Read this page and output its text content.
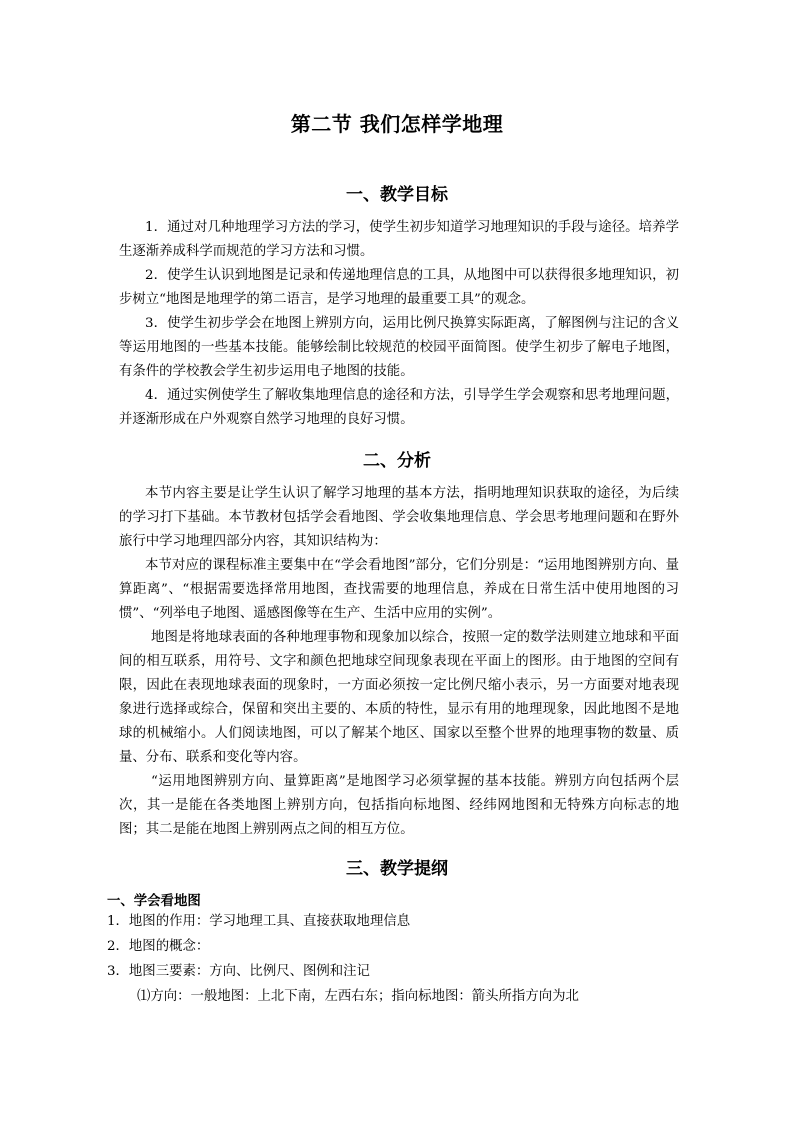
第二节 我们怎样学地理
一、教学目标

1．通过对几种地理学习方法的学习，使学生初步知道学习地理知识的手段与途径。培养学生逐渐养成科学而规范的学习方法和习惯。

2．使学生认识到地图是记录和传递地理信息的工具，从地图中可以获得很多地理知识，初步树立“地图是地理学的第二语言，是学习地理的最重要工具”的观念。

3．使学生初步学会在地图上辨别方向，运用比例尺换算实际距离，了解图例与注记的含义等运用地图的一些基本技能。能够绘制比较规范的校园平面简图。使学生初步了解电子地图，有条件的学校教会学生初步运用电子地图的技能。

4．通过实例使学生了解收集地理信息的途径和方法，引导学生学会观察和思考地理问题，并逐渐形成在户外观察自然学习地理的良好习惯。

二、分析

本节内容主要是让学生认识了解学习地理的基本方法，指明地理知识获取的途径，为后续的学习打下基础。本节教材包括学会看地图、学会收集地理信息、学会思考地理问题和在野外旅行中学习地理四部分内容，其知识结构为：

本节对应的课程标准主要集中在“学会看地图”部分，它们分别是：“运用地图辨别方向、量算距离”、“根据需要选择常用地图，查找需要的地理信息，养成在日常生活中使用地图的习惯”、“列举电子地图、遥感图像等在生产、生活中应用的实例”。

地图是将地球表面的各种地理事物和现象加以综合，按照一定的数学法则建立地球和平面间的相互联系，用符号、文字和颜色把地球空间现象表现在平面上的图形。由于地图的空间有限，因此在表现地球表面的现象时，一方面必须按一定比例尺缩小表示，另一方面要对地表现象进行选择或综合，保留和突出主要的、本质的特性，显示有用的地理现象，因此地图不是地球的机械缩小。人们阅读地图，可以了解某个地区、国家以至整个世界的地理事物的数量、质量、分布、联系和变化等内容。

“运用地图辨别方向、量算距离”是地图学习必须掌握的基本技能。辨别方向包括两个层次，其一是能在各类地图上辨别方向，包括指向标地图、经纬网地图和无特殊方向标志的地图；其二是能在地图上辨别两点之间的相互方位。

三、教学提纲

一、学会看地图

1．地图的作用：学习地理工具、直接获取地理信息

2．地图的概念：

3．地图三要素：方向、比例尺、图例和注记

⑴方向：一般地图：上北下南，左西右东；指向标地图：箭头所指方向为北
